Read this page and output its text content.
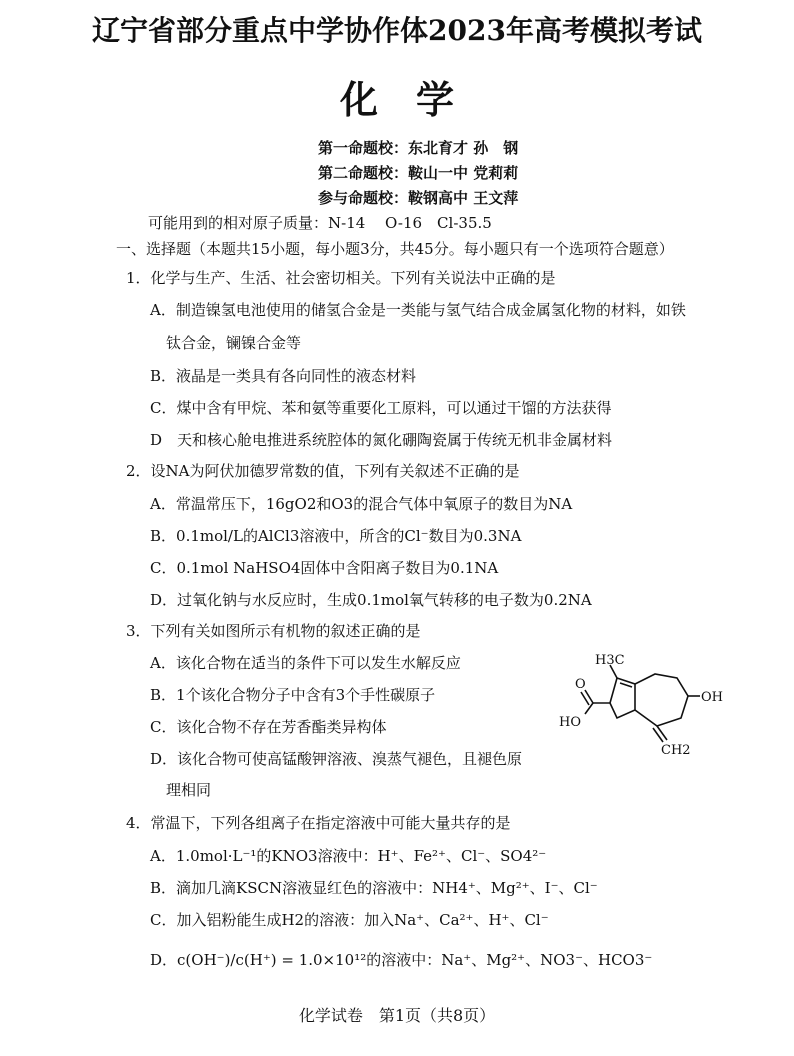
辽宁省部分重点中学协作体2023年高考模拟考试
化　学
第一命题校：东北育才 孙　钢
第二命题校：鞍山一中 党莉莉
参与命题校：鞍钢高中 王文萍
可能用到的相对原子质量：N-14　 O-16　Cl-35.5
一、选择题（本题共15小题，每小题3分，共45分。每小题只有一个选项符合题意）
1．化学与生产、生活、社会密切相关。下列有关说法中正确的是
A．制造镍氢电池使用的储氢合金是一类能与氢气结合成金属氢化物的材料，如铁
钛合金，镧镍合金等
B．液晶是一类具有各向同性的液态材料
C．煤中含有甲烷、苯和氨等重要化工原料，可以通过干馏的方法获得
D　天和核心舱电推进系统腔体的氮化硼陶瓷属于传统无机非金属材料
2．设NA为阿伏加德罗常数的值，下列有关叙述不正确的是
A．常温常压下，16gO2和O3的混合气体中氧原子的数目为NA
B．0.1mol/L的AlCl3溶液中，所含的Cl⁻数目为0.3NA
C．0.1mol NaHSO4固体中含阳离子数目为0.1NA
D．过氧化钠与水反应时，生成0.1mol氧气转移的电子数为0.2NA
3．下列有关如图所示有机物的叙述正确的是
A．该化合物在适当的条件下可以发生水解反应
B．1个该化合物分子中含有3个手性碳原子
C．该化合物不存在芳香酯类异构体
D．该化合物可使高锰酸钾溶液、溴蒸气褪色，且褪色原
理相同
H3C
O
HO
OH
CH2
4．常温下，下列各组离子在指定溶液中可能大量共存的是
A．1.0mol·L⁻¹的KNO3溶液中：H⁺、Fe²⁺、Cl⁻、SO4²⁻
B．滴加几滴KSCN溶液显红色的溶液中：NH4⁺、Mg²⁺、I⁻、Cl⁻
C．加入铝粉能生成H2的溶液：加入Na⁺、Ca²⁺、H⁺、Cl⁻
D．c(OH⁻)/c(H⁺) = 1.0×10¹²的溶液中：Na⁺、Mg²⁺、NO3⁻、HCO3⁻
化学试卷　第1页（共8页）
